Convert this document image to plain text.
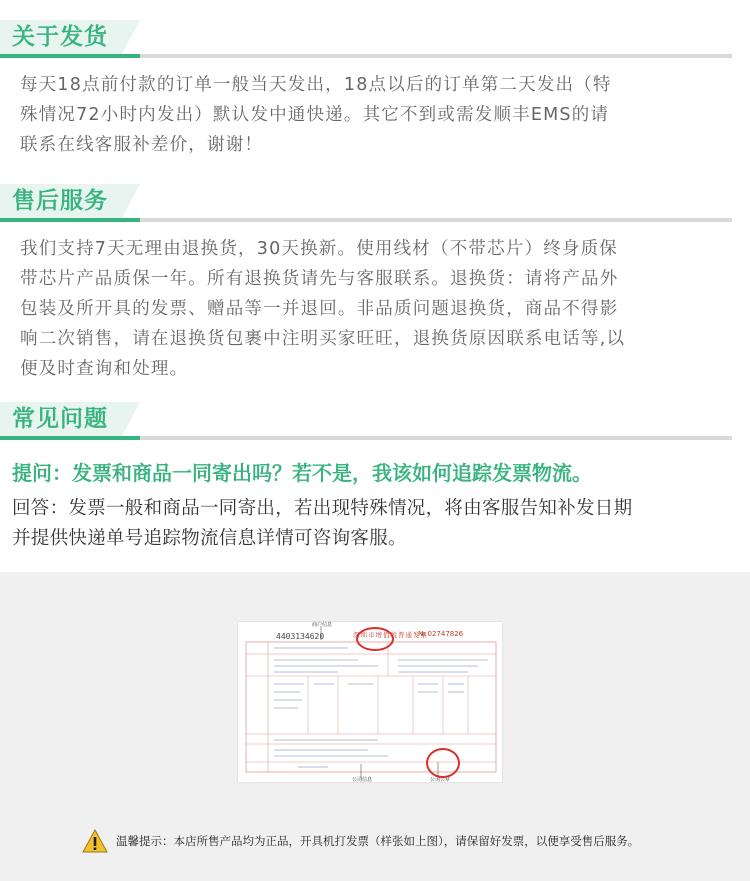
关于发货

每天18点前付款的订单一般当天发出，18点以后的订单第二天发出（特
殊情况72小时内发出）默认发中通快递。其它不到或需发顺丰EMS的请
联系在线客服补差价，谢谢！

售后服务

我们支持7天无理由退换货，30天换新。使用线材（不带芯片）终身质保
带芯片产品质保一年。所有退换货请先与客服联系。退换货：请将产品外
包装及所开具的发票、赠品等一并退回。非品质问题退换货，商品不得影
响二次销售，请在退换货包裹中注明买家旺旺，退换货原因联系电话等,以
便及时查询和处理。

常见问题

提问：发票和商品一同寄出吗？若不是，我该如何追踪发票物流。

回答：发票一般和商品一同寄出，若出现特殊情况，将由客服告知补发日期
并提供快递单号追踪物流信息详情可咨询客服。

商户信息
4403134620	深圳市增值税普通发票
№ 02747826
公司信息	公司公章
温馨提示：本店所售产品均为正品，开具机打发票（样张如上图），请保留好发票，以便享受售后服务。
